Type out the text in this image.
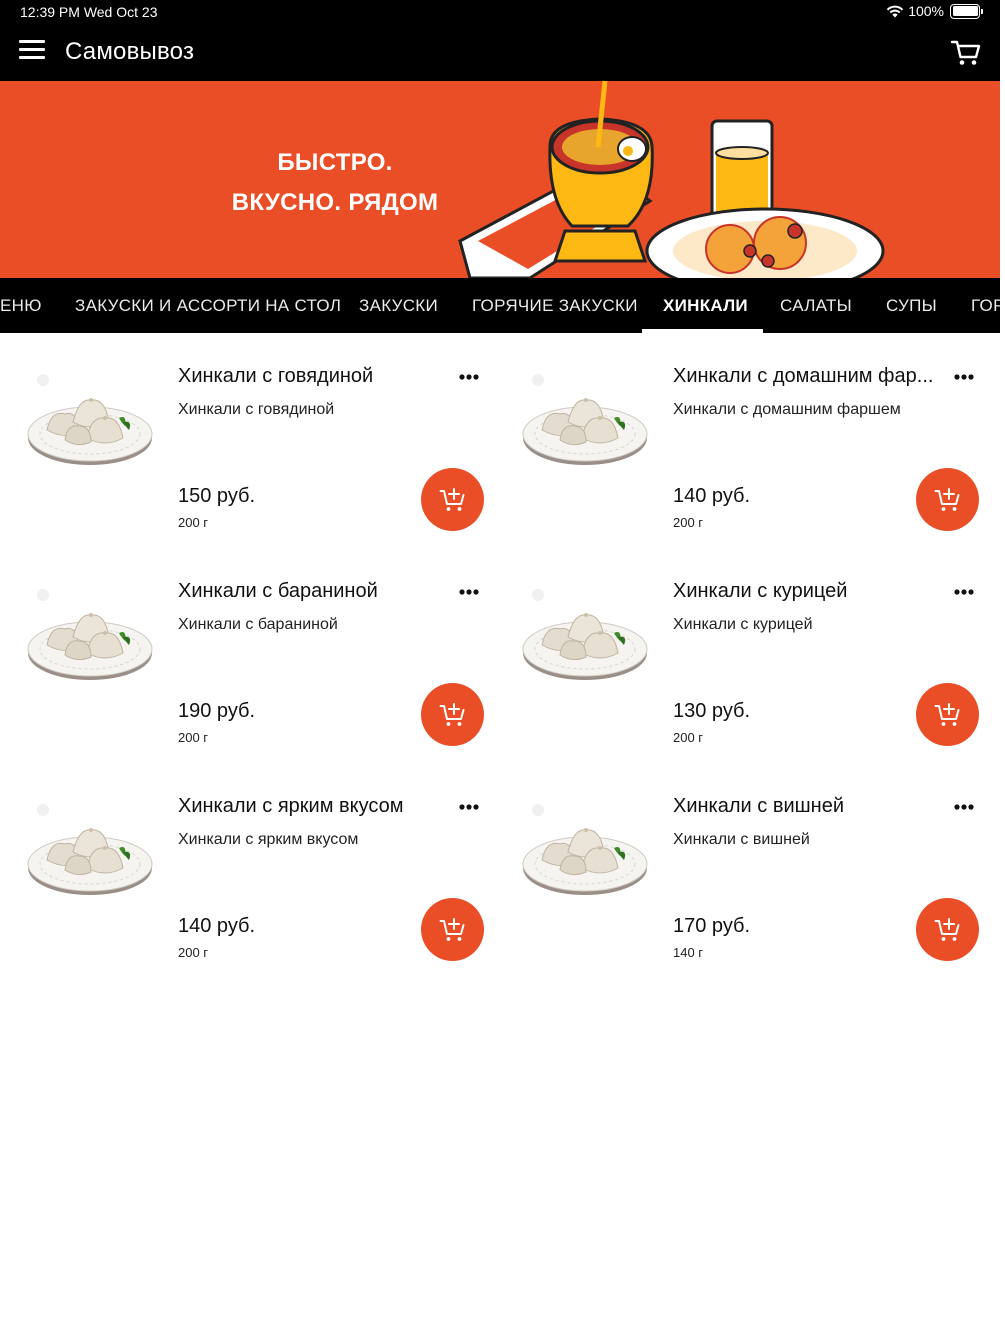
12:39 PM Wed Oct 23	100%
Самовывоз
БЫСТРО.
ВКУСНО. РЯДОМ
ЕНЮ ЗАКУСКИ И АССОРТИ НА СТОЛ ЗАКУСКИ ГОРЯЧИЕ ЗАКУСКИ ХИНКАЛИ САЛАТЫ СУПЫ ГОР
Хинкали с говядиной
Хинкали с говядиной
150 руб.
200 г
Хинкали с домашним фар...
Хинкали с домашним фаршем
140 руб.
200 г
Хинкали с бараниной
Хинкали с бараниной
190 руб.
200 г
Хинкали с курицей
Хинкали с курицей
130 руб.
200 г
Хинкали с ярким вкусом
Хинкали с ярким вкусом
140 руб.
200 г
Хинкали с вишней
Хинкали с вишней
170 руб.
140 г
